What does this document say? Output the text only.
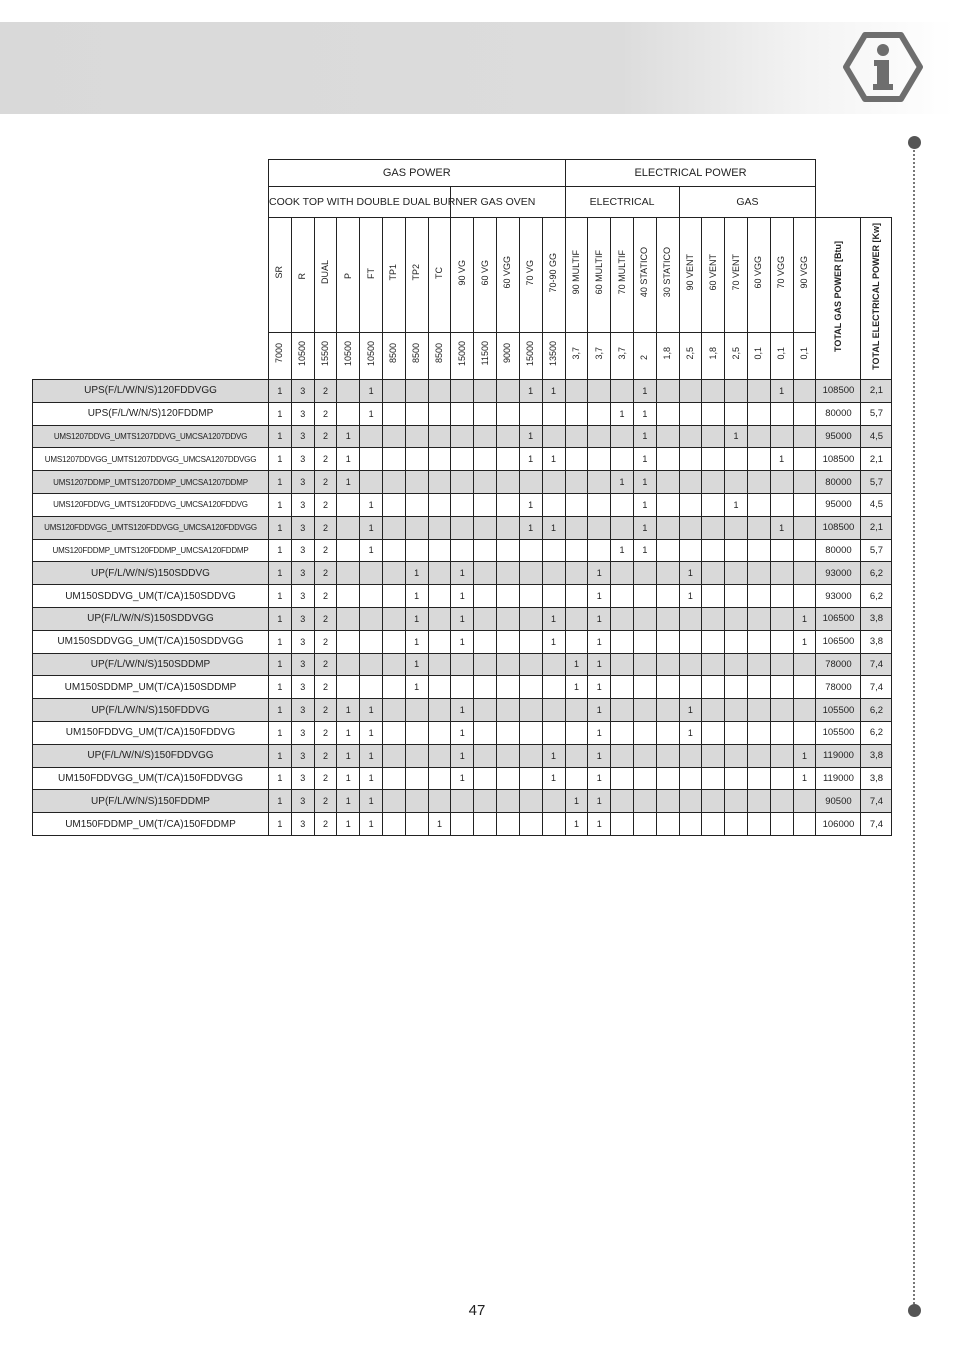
	GAS POWER													ELECTRICAL POWER												
	COOK TOP WITH DOUBLE DUAL BURNER								GAS OVEN					ELECTRICAL					GAS							
	SR	R	DUAL	P	FT	TP1	TP2	TC	90 VG	60 VG	60 VGG	70 VG	70-90 GG	90 MULTIF	60 MULTIF	70 MULTIF	40 STATICO	30 STATICO	90 VENT	60 VENT	70 VENT	60 VGG	70 VGG	90 VGG	TOTAL GAS POWER [Btu]	TOTAL ELECTRICAL POWER [Kw]
	7000	10500	15500	10500	10500	8500	8500	8500	15000	11500	9000	15000	13500	3,7	3,7	3,7	2	1,8	2,5	1,8	2,5	0,1	0,1	0,1		
UPS(F/L/W/N/S)120FDDVGG	1	3	2		1							1	1				1						1		108500	2,1
UPS(F/L/W/N/S)120FDDMP	1	3	2		1											1	1								80000	5,7
UMS1207DDVG_UMTS1207DDVG_UMCSA1207DDVG	1	3	2	1								1					1				1				95000	4,5
UMS1207DDVGG_UMTS1207DDVGG_UMCSA1207DDVGG	1	3	2	1								1	1				1						1		108500	2,1
UMS1207DDMP_UMTS1207DDMP_UMCSA1207DDMP	1	3	2	1												1	1								80000	5,7
UMS120FDDVG_UMTS120FDDVG_UMCSA120FDDVG	1	3	2		1							1					1				1				95000	4,5
UMS120FDDVGG_UMTS120FDDVGG_UMCSA120FDDVGG	1	3	2		1							1	1				1						1		108500	2,1
UMS120FDDMP_UMTS120FDDMP_UMCSA120FDDMP	1	3	2		1											1	1								80000	5,7
UP(F/L/W/N/S)150SDDVG	1	3	2				1		1						1				1						93000	6,2
UM150SDDVG_UM(T/CA)150SDDVG	1	3	2				1		1						1				1						93000	6,2
UP(F/L/W/N/S)150SDDVGG	1	3	2				1		1				1		1									1	106500	3,8
UM150SDDVGG_UM(T/CA)150SDDVGG	1	3	2				1		1				1		1									1	106500	3,8
UP(F/L/W/N/S)150SDDMP	1	3	2				1							1	1										78000	7,4
UM150SDDMP_UM(T/CA)150SDDMP	1	3	2				1							1	1										78000	7,4
UP(F/L/W/N/S)150FDDVG	1	3	2	1	1				1						1				1						105500	6,2
UM150FDDVG_UM(T/CA)150FDDVG	1	3	2	1	1				1						1				1						105500	6,2
UP(F/L/W/N/S)150FDDVGG	1	3	2	1	1				1				1		1									1	119000	3,8
UM150FDDVGG_UM(T/CA)150FDDVGG	1	3	2	1	1				1				1		1									1	119000	3,8
UP(F/L/W/N/S)150FDDMP	1	3	2	1	1									1	1										90500	7,4
UM150FDDMP_UM(T/CA)150FDDMP	1	3	2	1	1			1						1	1										106000	7,4
47
